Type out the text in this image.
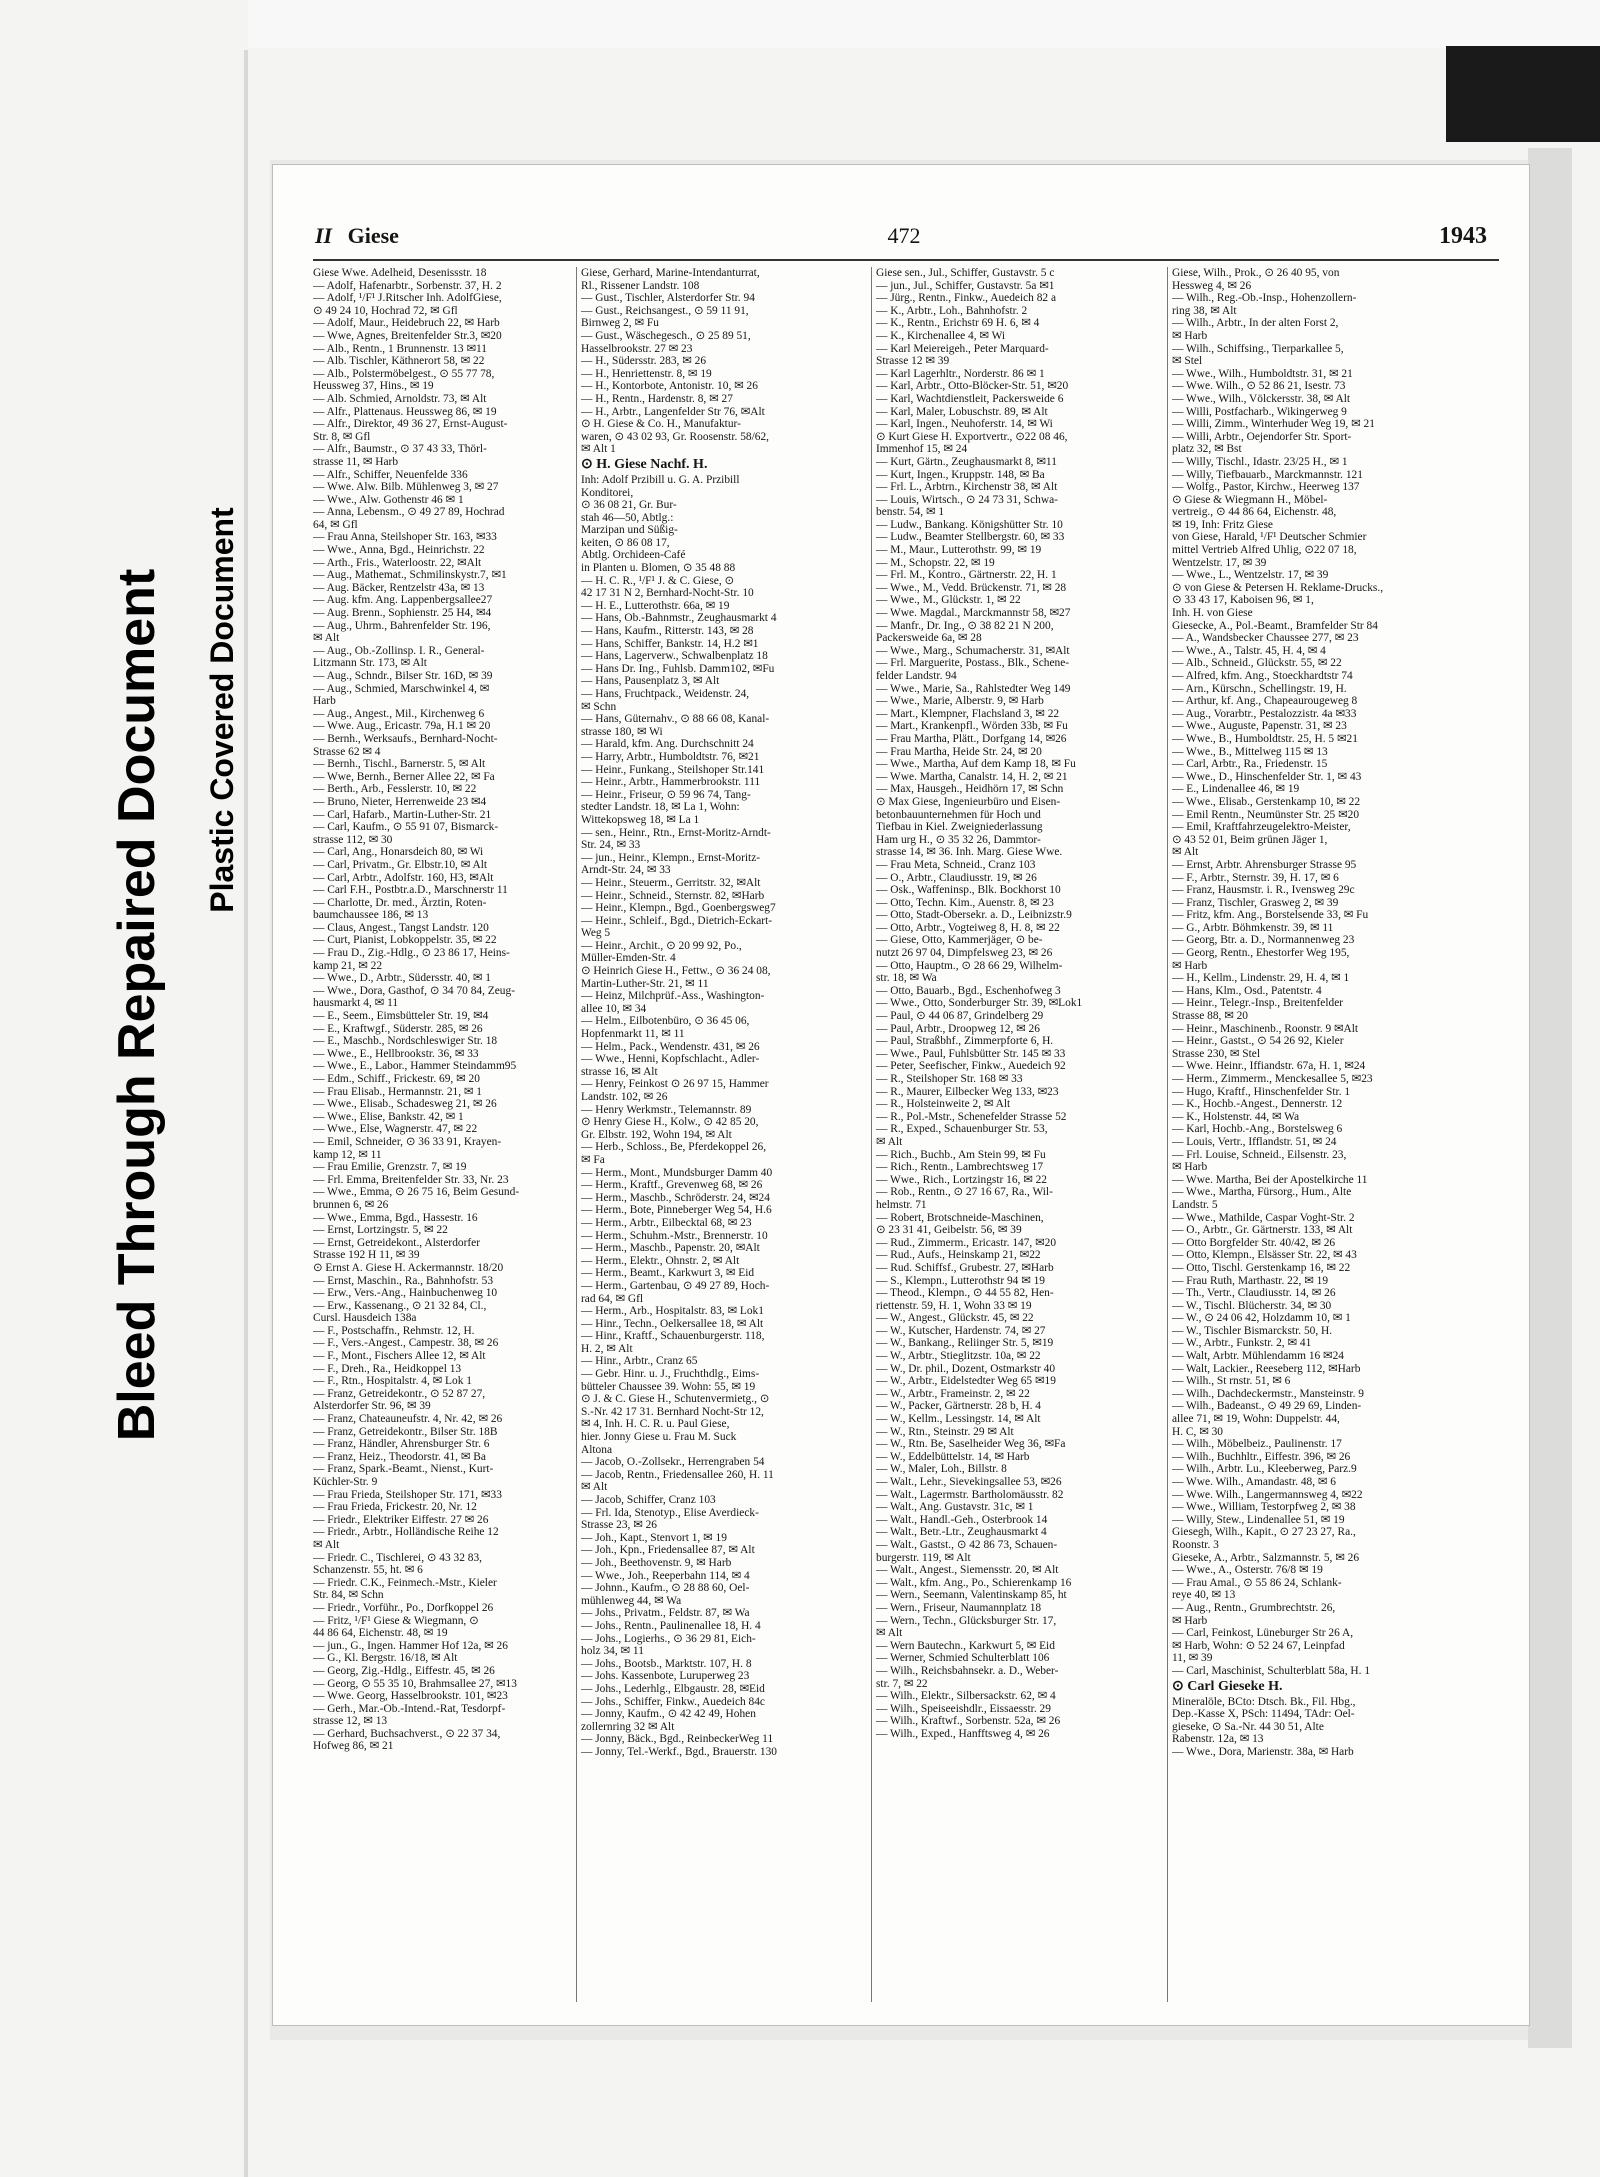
Bleed Through Repaired Document	Plastic Covered Document
II Giese	472	1943
Giese Wwe. Adelheid, Desenissstr. 18
— Adolf, Hafenarbtr., Sorbenstr. 37, H. 2
— Adolf, ¹/F¹ J.Ritscher Inh. AdolfGiese,
⊙ 49 24 10, Hochrad 72, ✉ Gfl
— Adolf, Maur., Heidebruch 22, ✉ Harb
— Wwe, Agnes, Breitenfelder Str.3, ✉20
— Alb., Rentn., 1 Brunnenstr. 13 ✉11
— Alb. Tischler, Käthnerort 58, ✉ 22
— Alb., Polstermöbelgest., ⊙ 55 77 78,
Heussweg 37, Hins., ✉ 19
— Alb. Schmied, Arnoldstr. 73, ✉ Alt
— Alfr., Plattenaus. Heussweg 86, ✉ 19
— Alfr., Direktor, 49 36 27, Ernst-August-
Str. 8, ✉ Gfl
— Alfr., Baumstr., ⊙ 37 43 33, Thörl-
strasse 11, ✉ Harb
— Alfr., Schiffer, Neuenfelde 336
— Wwe. Alw. Bilb. Mühlenweg 3, ✉ 27
— Wwe., Alw. Gothenstr 46 ✉ 1
— Anna, Lebensm., ⊙ 49 27 89, Hochrad
64, ✉ Gfl
— Frau Anna, Steilshoper Str. 163, ✉33
— Wwe., Anna, Bgd., Heinrichstr. 22
— Arth., Fris., Waterloostr. 22, ✉Alt
— Aug., Mathemat., Schmilinskystr.7, ✉1
— Aug. Bäcker, Rentzelstr 43a, ✉ 13
— Aug. kfm. Ang. Lappenbergsallee27
— Aug. Brenn., Sophienstr. 25 H4, ✉4
— Aug., Uhrm., Bahrenfelder Str. 196,
✉ Alt
— Aug., Ob.-Zollinsp. I. R., General-
Litzmann Str. 173, ✉ Alt
— Aug., Schndr., Bilser Str. 16D, ✉ 39
— Aug., Schmied, Marschwinkel 4, ✉
Harb
— Aug., Angest., Mil., Kirchenweg 6
— Wwe. Aug., Ericastr. 79a, H.1 ✉ 20
— Bernh., Werksaufs., Bernhard-Nocht-
Strasse 62 ✉ 4
— Bernh., Tischl., Barnerstr. 5, ✉ Alt
— Wwe, Bernh., Berner Allee 22, ✉ Fa
— Berth., Arb., Fesslerstr. 10, ✉ 22
— Bruno, Nieter, Herrenweide 23 ✉4
— Carl, Hafarb., Martin-Luther-Str. 21
— Carl, Kaufm., ⊙ 55 91 07, Bismarck-
strasse 112, ✉ 30
— Carl, Ang., Honarsdeich 80, ✉ Wi
— Carl, Privatm., Gr. Elbstr.10, ✉ Alt
— Carl, Arbtr., Adolfstr. 160, H3, ✉Alt
— Carl F.H., Postbtr.a.D., Marschnerstr 11
— Charlotte, Dr. med., Ärztin, Roten-
baumchaussee 186, ✉ 13
— Claus, Angest., Tangst Landstr. 120
— Curt, Pianist, Lobkoppelstr. 35, ✉ 22
— Frau D., Zig.-Hdlg., ⊙ 23 86 17, Heins-
kamp 21, ✉ 22
— Wwe., D., Arbtr., Südersstr. 40, ✉ 1
— Wwe., Dora, Gasthof, ⊙ 34 70 84, Zeug-
hausmarkt 4, ✉ 11
— E., Seem., Eimsbütteler Str. 19, ✉4
— E., Kraftwgf., Süderstr. 285, ✉ 26
— E., Maschb., Nordschleswiger Str. 18
— Wwe., E., Hellbrookstr. 36, ✉ 33
— Wwe., E., Labor., Hammer Steindamm95
— Edm., Schiff., Frickestr. 69, ✉ 20
— Frau Elisab., Hermannstr. 21, ✉ 1
— Wwe., Elisab., Schadesweg 21, ✉ 26
— Wwe., Elise, Bankstr. 42, ✉ 1
— Wwe., Else, Wagnerstr. 47, ✉ 22
— Emil, Schneider, ⊙ 36 33 91, Krayen-
kamp 12, ✉ 11
— Frau Emilie, Grenzstr. 7, ✉ 19
— Frl. Emma, Breitenfelder Str. 33, Nr. 23
— Wwe., Emma, ⊙ 26 75 16, Beim Gesund-
brunnen 6, ✉ 26
— Wwe., Emma, Bgd., Hassestr. 16
— Ernst, Lortzingstr. 5, ✉ 22
— Ernst, Getreidekont., Alsterdorfer
Strasse 192 H 11, ✉ 39
⊙ Ernst A. Giese H. Ackermannstr. 18/20
— Ernst, Maschin., Ra., Bahnhofstr. 53
— Erw., Vers.-Ang., Hainbuchenweg 10
— Erw., Kassenang., ⊙ 21 32 84, Cl.,
Cursl. Hausdeich 138a
— F., Postschaffn., Rehmstr. 12, H.
— F., Vers.-Angest., Campestr. 38, ✉ 26
— F., Mont., Fischers Allee 12, ✉ Alt
— F., Dreh., Ra., Heidkoppel 13
— F., Rtn., Hospitalstr. 4, ✉ Lok 1
— Franz, Getreidekontr., ⊙ 52 87 27,
Alsterdorfer Str. 96, ✉ 39
— Franz, Chateauneufstr. 4, Nr. 42, ✉ 26
— Franz, Getreidekontr., Bilser Str. 18B
— Franz, Händler, Ahrensburger Str. 6
— Franz, Heiz., Theodorstr. 41, ✉ Ba
— Franz, Spark.-Beamt., Nienst., Kurt-
Küchler-Str. 9
— Frau Frieda, Steilshoper Str. 171, ✉33
— Frau Frieda, Frickestr. 20, Nr. 12
— Friedr., Elektriker Eiffestr. 27 ✉ 26
— Friedr., Arbtr., Holländische Reihe 12
✉ Alt
— Friedr. C., Tischlerei, ⊙ 43 32 83,
Schanzenstr. 55, ht. ✉ 6
— Friedr. C.K., Feinmech.-Mstr., Kieler
Str. 84, ✉ Schn
— Friedr., Vorführ., Po., Dorfkoppel 26
— Fritz, ¹/F¹ Giese & Wiegmann, ⊙
44 86 64, Eichenstr. 48, ✉ 19
— jun., G., Ingen. Hammer Hof 12a, ✉ 26
— G., Kl. Bergstr. 16/18, ✉ Alt
— Georg, Zig.-Hdlg., Eiffestr. 45, ✉ 26
— Georg, ⊙ 55 35 10, Brahmsallee 27, ✉13
— Wwe. Georg, Hasselbrookstr. 101, ✉23
— Gerh., Mar.-Ob.-Intend.-Rat, Tesdorpf-
strasse 12, ✉ 13
— Gerhard, Buchsachverst., ⊙ 22 37 34,
Hofweg 86, ✉ 21
Giese, Gerhard, Marine-Intendanturrat,
Rl., Rissener Landstr. 108
— Gust., Tischler, Alsterdorfer Str. 94
— Gust., Reichsangest., ⊙ 59 11 91,
Birnweg 2, ✉ Fu
— Gust., Wäschegesch., ⊙ 25 89 51,
Hasselbrookstr. 27 ✉ 23
— H., Südersstr. 283, ✉ 26
— H., Henriettenstr. 8, ✉ 19
— H., Kontorbote, Antonistr. 10, ✉ 26
— H., Rentn., Hardenstr. 8, ✉ 27
— H., Arbtr., Langenfelder Str 76, ✉Alt
⊙ H. Giese & Co. H., Manufaktur-
waren, ⊙ 43 02 93, Gr. Roosenstr. 58/62,
✉ Alt 1
⊙ H. Giese Nachf. H.
Inh: Adolf Przibill u. G. A. Przibill
Konditorei,
⊙ 36 08 21, Gr. Bur-
stah 46—50, Abtlg.:
Marzipan und Süßig-
keiten, ⊙ 86 08 17,
Abtlg. Orchideen-Café
in Planten u. Blomen, ⊙ 35 48 88
— H. C. R., ¹/F¹ J. & C. Giese, ⊙
42 17 31 N 2, Bernhard-Nocht-Str. 10
— H. E., Lutterothstr. 66a, ✉ 19
— Hans, Ob.-Bahnmstr., Zeughausmarkt 4
— Hans, Kaufm., Ritterstr. 143, ✉ 28
— Hans, Schiffer, Bankstr. 14, H.2 ✉1
— Hans, Lagerverw., Schwalbenplatz 18
— Hans Dr. Ing., Fuhlsb. Damm102, ✉Fu
— Hans, Pausenplatz 3, ✉ Alt
— Hans, Fruchtpack., Weidenstr. 24,
✉ Schn
— Hans, Güternahv., ⊙ 88 66 08, Kanal-
strasse 180, ✉ Wi
— Harald, kfm. Ang. Durchschnitt 24
— Harry, Arbtr., Humboldtstr. 76, ✉21
— Heinr., Funkang., Steilshoper Str.141
— Heinr., Arbtr., Hammerbrookstr. 111
— Heinr., Friseur, ⊙ 59 96 74, Tang-
stedter Landstr. 18, ✉ La 1, Wohn:
Wittekopsweg 18, ✉ La 1
— sen., Heinr., Rtn., Ernst-Moritz-Arndt-
Str. 24, ✉ 33
— jun., Heinr., Klempn., Ernst-Moritz-
Arndt-Str. 24, ✉ 33
— Heinr., Steuerm., Gerritstr. 32, ✉Alt
— Heinr., Schneid., Sternstr. 82, ✉Harb
— Heinr., Klempn., Bgd., Goenbergsweg7
— Heinr., Schleif., Bgd., Dietrich-Eckart-
Weg 5
— Heinr., Archit., ⊙ 20 99 92, Po.,
Müller-Emden-Str. 4
⊙ Heinrich Giese H., Fettw., ⊙ 36 24 08,
Martin-Luther-Str. 21, ✉ 11
— Heinz, Milchprüf.-Ass., Washington-
allee 10, ✉ 34
— Helm., Eilbotenbüro, ⊙ 36 45 06,
Hopfenmarkt 11, ✉ 11
— Helm., Pack., Wendenstr. 431, ✉ 26
— Wwe., Henni, Kopfschlacht., Adler-
strasse 16, ✉ Alt
— Henry, Feinkost ⊙ 26 97 15, Hammer
Landstr. 102, ✉ 26
— Henry Werkmstr., Telemannstr. 89
⊙ Henry Giese H., Kolw., ⊙ 42 85 20,
Gr. Elbstr. 192, Wohn 194, ✉ Alt
— Herb., Schloss., Be, Pferdekoppel 26,
✉ Fa
— Herm., Mont., Mundsburger Damm 40
— Herm., Kraftf., Grevenweg 68, ✉ 26
— Herm., Maschb., Schröderstr. 24, ✉24
— Herm., Bote, Pinneberger Weg 54, H.6
— Herm., Arbtr., Eilbecktal 68, ✉ 23
— Herm., Schuhm.-Mstr., Brennerstr. 10
— Herm., Maschb., Papenstr. 20, ✉Alt
— Herm., Elektr., Ohnstr. 2, ✉ Alt
— Herm., Beamt., Karkwurt 3, ✉ Eid
— Herm., Gartenbau, ⊙ 49 27 89, Hoch-
rad 64, ✉ Gfl
— Herm., Arb., Hospitalstr. 83, ✉ Lok1
— Hinr., Techn., Oelkersallee 18, ✉ Alt
— Hinr., Kraftf., Schauenburgerstr. 118,
H. 2, ✉ Alt
— Hinr., Arbtr., Cranz 65
— Gebr. Hinr. u. J., Fruchthdlg., Eims-
bütteler Chaussee 39. Wohn: 55, ✉ 19
⊙ J. & C. Giese H., Schutenvermietg., ⊙
S.-Nr. 42 17 31. Bernhard Nocht-Str 12,
✉ 4, Inh. H. C. R. u. Paul Giese,
hier. Jonny Giese u. Frau M. Suck
Altona
— Jacob, O.-Zollsekr., Herrengraben 54
— Jacob, Rentn., Friedensallee 260, H. 11
✉ Alt
— Jacob, Schiffer, Cranz 103
— Frl. Ida, Stenotyp., Elise Averdieck-
Strasse 23, ✉ 26
— Joh., Kapt., Stenvort 1, ✉ 19
— Joh., Kpn., Friedensallee 87, ✉ Alt
— Joh., Beethovenstr. 9, ✉ Harb
— Wwe., Joh., Reeperbahn 114, ✉ 4
— Johnn., Kaufm., ⊙ 28 88 60, Oel-
mühlenweg 44, ✉ Wa
— Johs., Privatm., Feldstr. 87, ✉ Wa
— Johs., Rentn., Paulinenallee 18, H. 4
— Johs., Logierhs., ⊙ 36 29 81, Eich-
holz 34, ✉ 11
— Johs., Bootsb., Marktstr. 107, H. 8
— Johs. Kassenbote, Luruperweg 23
— Johs., Lederhlg., Elbgaustr. 28, ✉Eid
— Johs., Schiffer, Finkw., Auedeich 84c
— Jonny, Kaufm., ⊙ 42 42 49, Hohen
zollernring 32 ✉ Alt
— Jonny, Bäck., Bgd., ReinbeckerWeg 11
— Jonny, Tel.-Werkf., Bgd., Brauerstr. 130
Giese sen., Jul., Schiffer, Gustavstr. 5 c
— jun., Jul., Schiffer, Gustavstr. 5a ✉1
— Jürg., Rentn., Finkw., Auedeich 82 a
— K., Arbtr., Loh., Bahnhofstr. 2
— K., Rentn., Erichstr 69 H. 6, ✉ 4
— K., Kirchenallee 4, ✉ Wi
— Karl Meiereigeh., Peter Marquard-
Strasse 12 ✉ 39
— Karl Lagerhltr., Norderstr. 86 ✉ 1
— Karl, Arbtr., Otto-Blöcker-Str. 51, ✉20
— Karl, Wachtdienstleit, Packersweide 6
— Karl, Maler, Lobuschstr. 89, ✉ Alt
— Karl, Ingen., Neuhoferstr. 14, ✉ Wi
⊙ Kurt Giese H. Exportvertr., ⊙22 08 46,
Immenhof 15, ✉ 24
— Kurt, Gärtn., Zeughausmarkt 8, ✉11
— Kurt, Ingen., Kruppstr. 148, ✉ Ba
— Frl. L., Arbtrn., Kirchenstr 38, ✉ Alt
— Louis, Wirtsch., ⊙ 24 73 31, Schwa-
benstr. 54, ✉ 1
— Ludw., Bankang. Königshütter Str. 10
— Ludw., Beamter Stellbergstr. 60, ✉ 33
— M., Maur., Lutterothstr. 99, ✉ 19
— M., Schopstr. 22, ✉ 19
— Frl. M., Kontro., Gärtnerstr. 22, H. 1
— Wwe., M., Vedd. Brückenstr. 71, ✉ 28
— Wwe., M., Glückstr. 1, ✉ 22
— Wwe. Magdal., Marckmannstr 58, ✉27
— Manfr., Dr. Ing., ⊙ 38 82 21 N 200,
Packersweide 6a, ✉ 28
— Wwe., Marg., Schumacherstr. 31, ✉Alt
— Frl. Marguerite, Postass., Blk., Schene-
felder Landstr. 94
— Wwe., Marie, Sa., Rahlstedter Weg 149
— Wwe., Marie, Alberstr. 9, ✉ Harb
— Mart., Klempner, Flachsland 3, ✉ 22
— Mart., Krankenpfl., Wörden 33b, ✉ Fu
— Frau Martha, Plätt., Dorfgang 14, ✉26
— Frau Martha, Heide Str. 24, ✉ 20
— Wwe., Martha, Auf dem Kamp 18, ✉ Fu
— Wwe. Martha, Canalstr. 14, H. 2, ✉ 21
— Max, Hausgeh., Heidhörn 17, ✉ Schn
⊙ Max Giese, Ingenieurbüro und Eisen-
betonbauunternehmen für Hoch und
Tiefbau in Kiel. Zweigniederlassung
Ham urg H., ⊙ 35 32 26, Dammtor-
strasse 14, ✉ 36. Inh. Marg. Giese Wwe.
— Frau Meta, Schneid., Cranz 103
— O., Arbtr., Claudiusstr. 19, ✉ 26
— Osk., Waffeninsp., Blk. Bockhorst 10
— Otto, Techn. Kim., Auenstr. 8, ✉ 23
— Otto, Stadt-Obersekr. a. D., Leibnizstr.9
— Otto, Arbtr., Vogteiweg 8, H. 8, ✉ 22
— Giese, Otto, Kammerjäger, ⊙ be-
nutzt 26 97 04, Dimpfelsweg 23, ✉ 26
— Otto, Hauptm., ⊙ 28 66 29, Wilhelm-
str. 18, ✉ Wa
— Otto, Bauarb., Bgd., Eschenhofweg 3
— Wwe., Otto, Sonderburger Str. 39, ✉Lok1
— Paul, ⊙ 44 06 87, Grindelberg 29
— Paul, Arbtr., Droopweg 12, ✉ 26
— Paul, Straßbhf., Zimmerpforte 6, H.
— Wwe., Paul, Fuhlsbütter Str. 145 ✉ 33
— Peter, Seefischer, Finkw., Auedeich 92
— R., Steilshoper Str. 168 ✉ 33
— R., Maurer, Eilbecker Weg 133, ✉23
— R., Holsteinweite 2, ✉ Alt
— R., Pol.-Mstr., Schenefelder Strasse 52
— R., Exped., Schauenburger Str. 53,
✉ Alt
— Rich., Buchb., Am Stein 99, ✉ Fu
— Rich., Rentn., Lambrechtsweg 17
— Wwe., Rich., Lortzingstr 16, ✉ 22
— Rob., Rentn., ⊙ 27 16 67, Ra., Wil-
helmstr. 71
— Robert, Brotschneide-Maschinen,
⊙ 23 31 41, Geibelstr. 56, ✉ 39
— Rud., Zimmerm., Ericastr. 147, ✉20
— Rud., Aufs., Heinskamp 21, ✉22
— Rud. Schiffsf., Grubestr. 27, ✉Harb
— S., Klempn., Lutterothstr 94 ✉ 19
— Theod., Klempn., ⊙ 44 55 82, Hen-
riettenstr. 59, H. 1, Wohn 33 ✉ 19
— W., Angest., Glückstr. 45, ✉ 22
— W., Kutscher, Hardenstr. 74, ✉ 27
— W., Bankang., Reliinger Str. 5, ✉19
— W., Arbtr., Stieglitzstr. 10a, ✉ 22
— W., Dr. phil., Dozent, Ostmarkstr 40
— W., Arbtr., Eidelstedter Weg 65 ✉19
— W., Arbtr., Frameinstr. 2, ✉ 22
— W., Packer, Gärtnerstr. 28 b, H. 4
— W., Kellm., Lessingstr. 14, ✉ Alt
— W., Rtn., Steinstr. 29 ✉ Alt
— W., Rtn. Be, Saselheider Weg 36, ✉Fa
— W., Eddelbüttelstr. 14, ✉ Harb
— W., Maler, Loh., Billstr. 8
— Walt., Lehr., Sievekingsallee 53, ✉26
— Walt., Lagermstr. Bartholomäusstr. 82
— Walt., Ang. Gustavstr. 31c, ✉ 1
— Walt., Handl.-Geh., Osterbrook 14
— Walt., Betr.-Ltr., Zeughausmarkt 4
— Walt., Gastst., ⊙ 42 86 73, Schauen-
burgerstr. 119, ✉ Alt
— Walt., Angest., Siemensstr. 20, ✉ Alt
— Walt., kfm. Ang., Po., Schierenkamp 16
— Wern., Seemann, Valentinskamp 85, ht
— Wern., Friseur, Naumannplatz 18
— Wern., Techn., Glücksburger Str. 17,
✉ Alt
— Wern Bautechn., Karkwurt 5, ✉ Eid
— Werner, Schmied Schulterblatt 106
— Wilh., Reichsbahnsekr. a. D., Weber-
str. 7, ✉ 22
— Wilh., Elektr., Silbersackstr. 62, ✉ 4
— Wilh., Speiseeishdlr., Eissaesstr. 29
— Wilh., Kraftwf., Sorbenstr. 52a, ✉ 26
— Wilh., Exped., Hanfftsweg 4, ✉ 26
Giese, Wilh., Prok., ⊙ 26 40 95, von
Hessweg 4, ✉ 26
— Wilh., Reg.-Ob.-Insp., Hohenzollern-
ring 38, ✉ Alt
— Wilh., Arbtr., In der alten Forst 2,
✉ Harb
— Wilh., Schiffsing., Tierparkallee 5,
✉ Stel
— Wwe., Wilh., Humboldtstr. 31, ✉ 21
— Wwe. Wilh., ⊙ 52 86 21, Isestr. 73
— Wwe., Wilh., Völckersstr. 38, ✉ Alt
— Willi, Postfacharb., Wikingerweg 9
— Willi, Zimm., Winterhuder Weg 19, ✉ 21
— Willi, Arbtr., Oejendorfer Str. Sport-
platz 32, ✉ Bst
— Willy, Tischl., Idastr. 23/25 H., ✉ 1
— Willy, Tiefbauarb., Marckmannstr. 121
— Wolfg., Pastor, Kirchw., Heerweg 137
⊙ Giese & Wiegmann H., Möbel-
vertreig., ⊙ 44 86 64, Eichenstr. 48,
✉ 19, Inh: Fritz Giese
von Giese, Harald, ¹/F¹ Deutscher Schmier
mittel Vertrieb Alfred Uhlig, ⊙22 07 18,
Wentzelstr. 17, ✉ 39
— Wwe., L., Wentzelstr. 17, ✉ 39
⊙ von Giese & Petersen H. Reklame-Drucks.,
⊙ 33 43 17, Kaboisen 96, ✉ 1,
Inh. H. von Giese
Giesecke, A., Pol.-Beamt., Bramfelder Str 84
— A., Wandsbecker Chaussee 277, ✉ 23
— Wwe., A., Talstr. 45, H. 4, ✉ 4
— Alb., Schneid., Glückstr. 55, ✉ 22
— Alfred, kfm. Ang., Stoeckhardtstr 74
— Arn., Kürschn., Schellingstr. 19, H.
— Arthur, kf. Ang., Chapeaurougeweg 8
— Aug., Vorarbtr., Pestalozzistr. 4a ✉33
— Wwe., Auguste, Papenstr. 31, ✉ 23
— Wwe., B., Humboldtstr. 25, H. 5 ✉21
— Wwe., B., Mittelweg 115 ✉ 13
— Carl, Arbtr., Ra., Friedenstr. 15
— Wwe., D., Hinschenfelder Str. 1, ✉ 43
— E., Lindenallee 46, ✉ 19
— Wwe., Elisab., Gerstenkamp 10, ✉ 22
— Emil Rentn., Neumünster Str. 25 ✉20
— Emil, Kraftfahrzeugelektro-Meister,
⊙ 43 52 01, Beim grünen Jäger 1,
✉ Alt
— Ernst, Arbtr. Ahrensburger Strasse 95
— F., Arbtr., Sternstr. 39, H. 17, ✉ 6
— Franz, Hausmstr. i. R., Ivensweg 29c
— Franz, Tischler, Grasweg 2, ✉ 39
— Fritz, kfm. Ang., Borstelsende 33, ✉ Fu
— G., Arbtr. Böhmkenstr. 39, ✉ 11
— Georg, Btr. a. D., Normannenweg 23
— Georg, Rentn., Ehestorfer Weg 195,
✉ Harb
— H., Kellm., Lindenstr. 29, H. 4, ✉ 1
— Hans, Klm., Osd., Patentstr. 4
— Heinr., Telegr.-Insp., Breitenfelder
Strasse 88, ✉ 20
— Heinr., Maschinenb., Roonstr. 9 ✉Alt
— Heinr., Gastst., ⊙ 54 26 92, Kieler
Strasse 230, ✉ Stel
— Wwe. Heinr., Iffiandstr. 67a, H. 1, ✉24
— Herm., Zimmerm., Menckesallee 5, ✉23
— Hugo, Kraftf., Hinschenfelder Str. 1
— K., Hochb.-Angest., Dennerstr. 12
— K., Holstenstr. 44, ✉ Wa
— Karl, Hochb.-Ang., Borstelsweg 6
— Louis, Vertr., Ifflandstr. 51, ✉ 24
— Frl. Louise, Schneid., Eilsenstr. 23,
✉ Harb
— Wwe. Martha, Bei der Apostelkirche 11
— Wwe., Martha, Fürsorg., Hum., Alte
Landstr. 5
— Wwe., Mathilde, Caspar Voght-Str. 2
— O., Arbtr., Gr. Gärtnerstr. 133, ✉ Alt
— Otto Borgfelder Str. 40/42, ✉ 26
— Otto, Klempn., Elsässer Str. 22, ✉ 43
— Otto, Tischl. Gerstenkamp 16, ✉ 22
— Frau Ruth, Marthastr. 22, ✉ 19
— Th., Vertr., Claudiusstr. 14, ✉ 26
— W., Tischl. Blücherstr. 34, ✉ 30
— W., ⊙ 24 06 42, Holzdamm 10, ✉ 1
— W., Tischler Bismarckstr. 50, H.
— W., Arbtr., Funkstr. 2, ✉ 41
— Walt, Arbtr. Mühlendamm 16 ✉24
— Walt, Lackier., Reeseberg 112, ✉Harb
— Wilh., St rnstr. 51, ✉ 6
— Wilh., Dachdeckermstr., Mansteinstr. 9
— Wilh., Badeanst., ⊙ 49 29 69, Linden-
allee 71, ✉ 19, Wohn: Duppelstr. 44,
H. C, ✉ 30
— Wilh., Möbelbeiz., Paulinenstr. 17
— Wilh., Buchhltr., Eiffestr. 396, ✉ 26
— Wilh., Arbtr. Lu., Kleeberweg, Parz.9
— Wwe. Wilh., Amandastr. 48, ✉ 6
— Wwe. Wilh., Langermannsweg 4, ✉22
— Wwe., William, Testorpfweg 2, ✉ 38
— Willy, Stew., Lindenallee 51, ✉ 19
Giesegh, Wilh., Kapit., ⊙ 27 23 27, Ra.,
Roonstr. 3
Gieseke, A., Arbtr., Salzmannstr. 5, ✉ 26
— Wwe., A., Osterstr. 76/8 ✉ 19
— Frau Amal., ⊙ 55 86 24, Schlank-
reye 40, ✉ 13
— Aug., Rentn., Grumbrechtstr. 26,
✉ Harb
— Carl, Feinkost, Lüneburger Str 26 A,
✉ Harb, Wohn: ⊙ 52 24 67, Leinpfad
11, ✉ 39
— Carl, Maschinist, Schulterblatt 58a, H. 1
⊙ Carl Gieseke H.
Mineralöle, BCto: Dtsch. Bk., Fil. Hbg.,
Dep.-Kasse X, PSch: 11494, TAdr: Oel-
gieseke, ⊙ Sa.-Nr. 44 30 51, Alte
Rabenstr. 12a, ✉ 13
— Wwe., Dora, Marienstr. 38a, ✉ Harb
